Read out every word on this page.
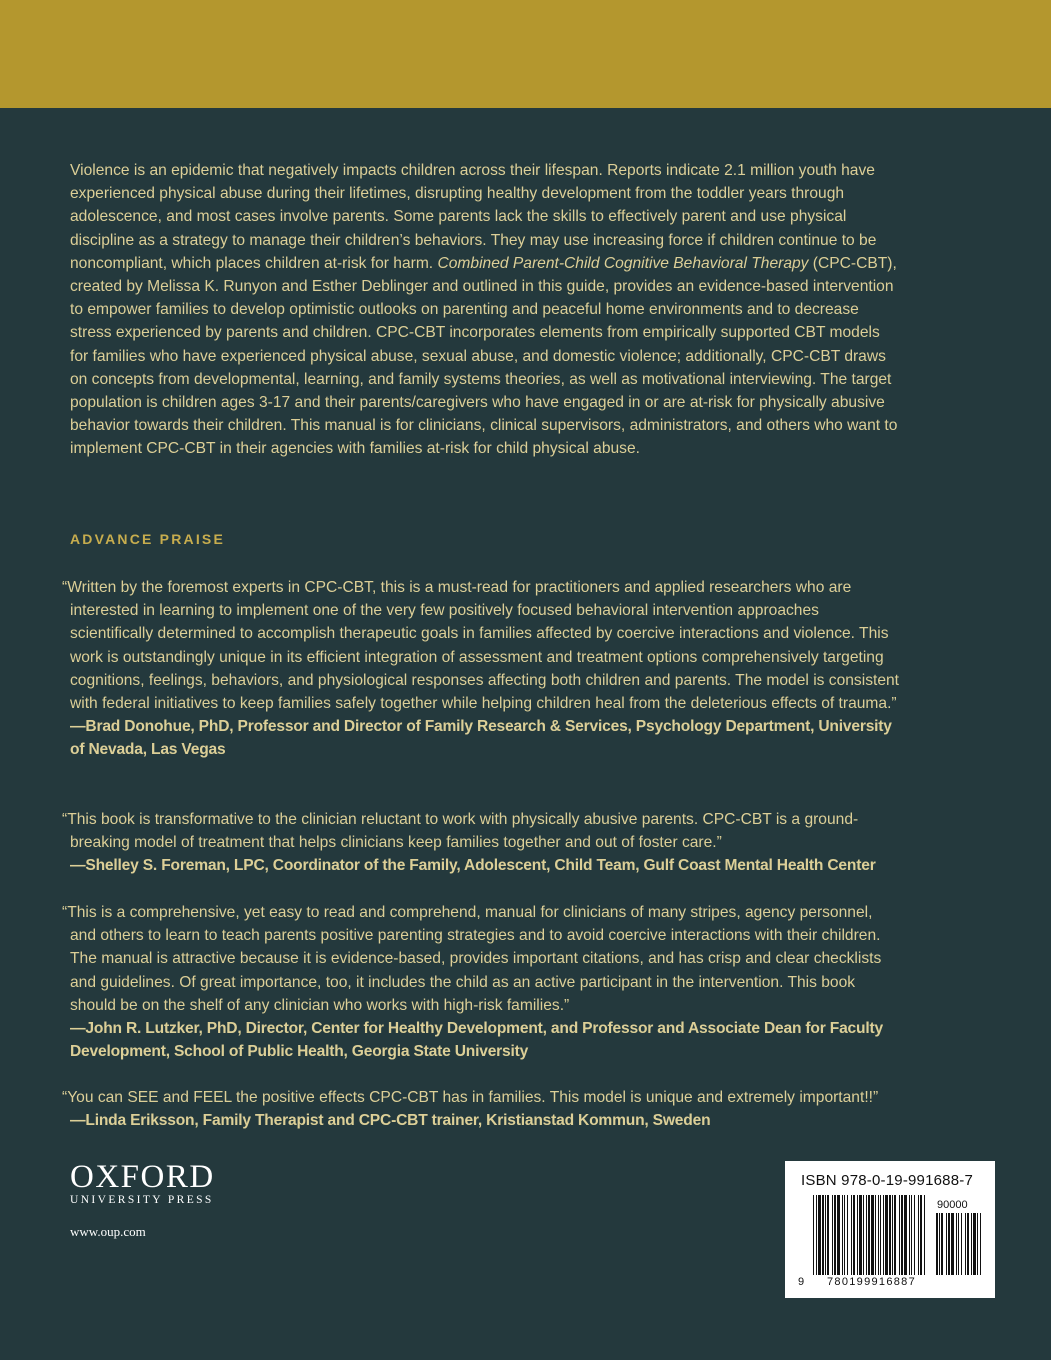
Violence is an epidemic that negatively impacts children across their lifespan. Reports indicate 2.1 million youth have experienced physical abuse during their lifetimes, disrupting healthy development from the toddler years through adolescence, and most cases involve parents. Some parents lack the skills to effectively parent and use physical discipline as a strategy to manage their children’s behaviors. They may use increasing force if children continue to be noncompliant, which places children at-risk for harm. Combined Parent-Child Cognitive Behavioral Therapy (CPC-CBT), created by Melissa K. Runyon and Esther Deblinger and outlined in this guide, provides an evidence-based intervention to empower families to develop optimistic outlooks on parenting and peaceful home environments and to decrease stress experienced by parents and children. CPC-CBT incorporates elements from empirically supported CBT models for families who have experienced physical abuse, sexual abuse, and domestic violence; additionally, CPC-CBT draws on concepts from developmental, learning, and family systems theories, as well as motivational interviewing. The target population is children ages 3-17 and their parents/caregivers who have engaged in or are at-risk for physically abusive behavior towards their children. This manual is for clinicians, clinical supervisors, administrators, and others who want to implement CPC-CBT in their agencies with families at-risk for child physical abuse.
ADVANCE PRAISE

“Written by the foremost experts in CPC-CBT, this is a must-read for practitioners and applied researchers who are interested in learning to implement one of the very few positively focused behavioral intervention approaches scientifically determined to accomplish therapeutic goals in families affected by coercive interactions and violence. This work is outstandingly unique in its efficient integration of assessment and treatment options comprehensively targeting cognitions, feelings, behaviors, and physiological responses affecting both children and parents. The model is consistent with federal initiatives to keep families safely together while helping children heal from the deleterious effects of trauma.”

—Brad Donohue, PhD, Professor and Director of Family Research & Services, Psychology Department, University of Nevada, Las Vegas

“This book is transformative to the clinician reluctant to work with physically abusive parents. CPC-CBT is a ground-breaking model of treatment that helps clinicians keep families together and out of foster care.”

—Shelley S. Foreman, LPC, Coordinator of the Family, Adolescent, Child Team, Gulf Coast Mental Health Center

“This is a comprehensive, yet easy to read and comprehend, manual for clinicians of many stripes, agency personnel, and others to learn to teach parents positive parenting strategies and to avoid coercive interactions with their children. The manual is attractive because it is evidence-based, provides important citations, and has crisp and clear checklists and guidelines. Of great importance, too, it includes the child as an active participant in the intervention. This book should be on the shelf of any clinician who works with high-risk families.”

—John R. Lutzker, PhD, Director, Center for Healthy Development, and Professor and Associate Dean for Faculty Development, School of Public Health, Georgia State University

“You can SEE and FEEL the positive effects CPC-CBT has in families. This model is unique and extremely important!!”

—Linda Eriksson, Family Therapist and CPC-CBT trainer, Kristianstad Kommun, Sweden

OXFORD
UNIVERSITY PRESS
www.oup.com
ISBN 978-0-19-991688-7
90000
9 780199916887
